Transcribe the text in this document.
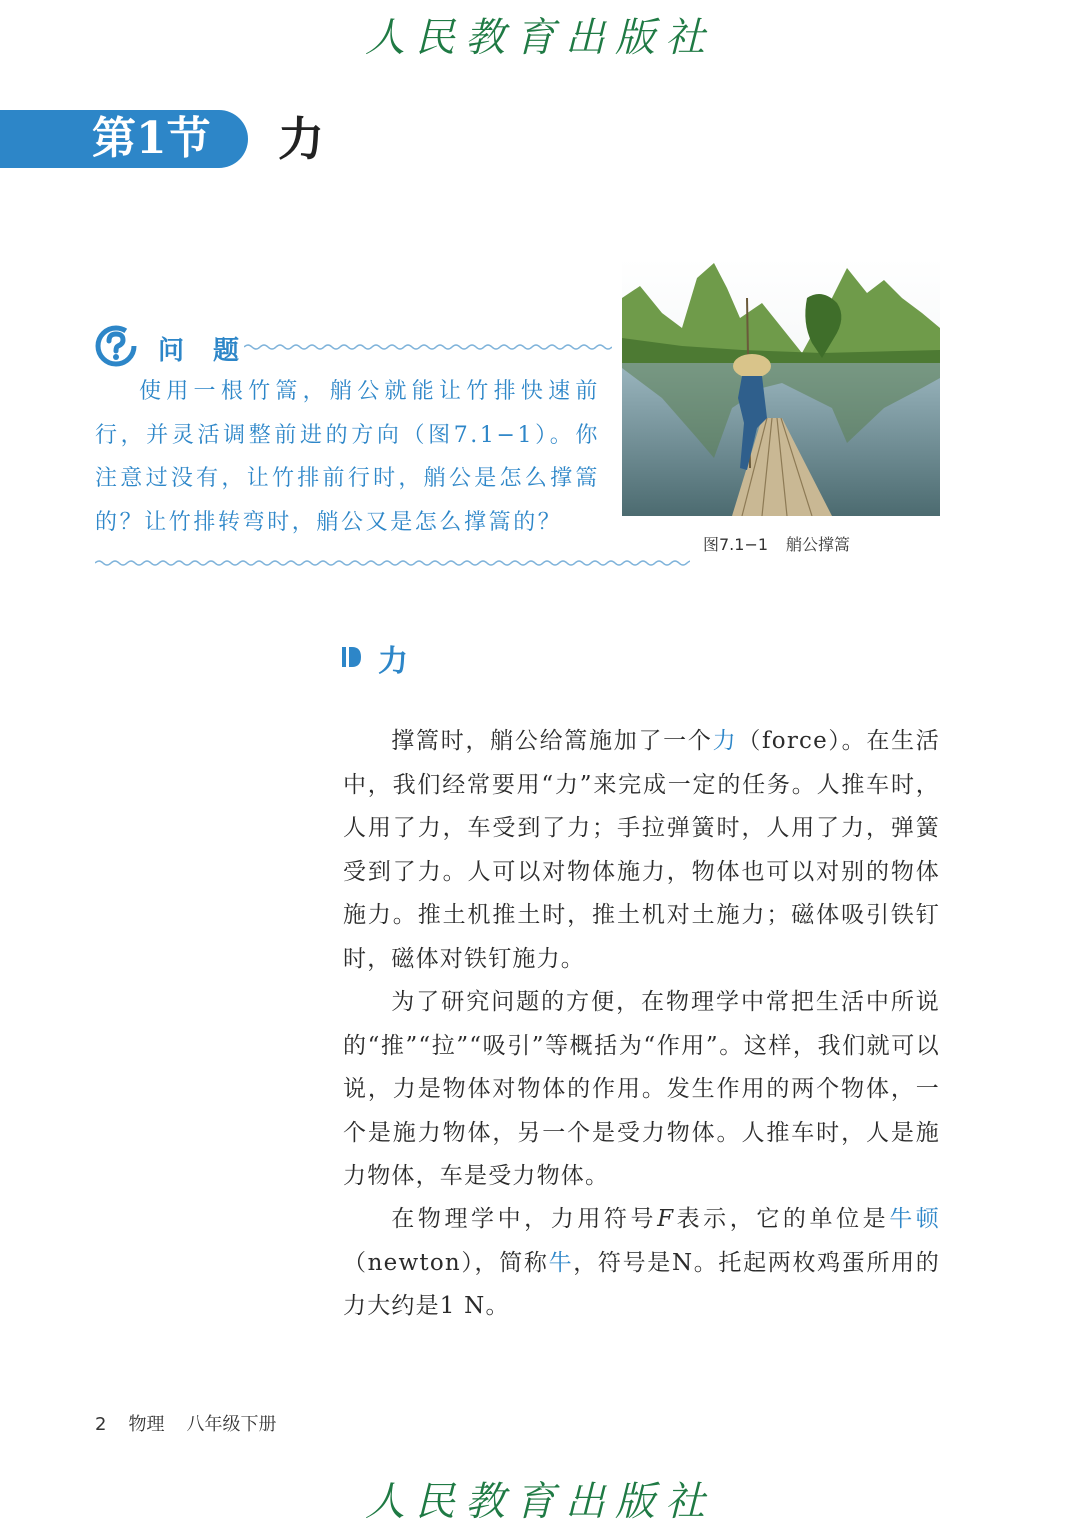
人民教育出版社
第1节 力
问 题
使用一根竹篙，艄公就能让竹排快速前行，并灵活调整前进的方向（图7.1−1）。你注意过没有，让竹排前行时，艄公是怎么撑篙的？让竹排转弯时，艄公又是怎么撑篙的？
图7.1−1 艄公撑篙
力
撑篙时，艄公给篙施加了一个力（force）。在生活中，我们经常要用“力”来完成一定的任务。人推车时，人用了力，车受到了力；手拉弹簧时，人用了力，弹簧受到了力。人可以对物体施力，物体也可以对别的物体施力。推土机推土时，推土机对土施力；磁体吸引铁钉时，磁体对铁钉施力。
为了研究问题的方便，在物理学中常把生活中所说的“推”“拉”“吸引”等概括为“作用”。这样，我们就可以说，力是物体对物体的作用。发生作用的两个物体，一个是施力物体，另一个是受力物体。人推车时，人是施力物体，车是受力物体。
在物理学中，力用符号F表示，它的单位是牛顿（newton），简称牛，符号是N。托起两枚鸡蛋所用的力大约是1 N。
2 物理 八年级下册
人民教育出版社
